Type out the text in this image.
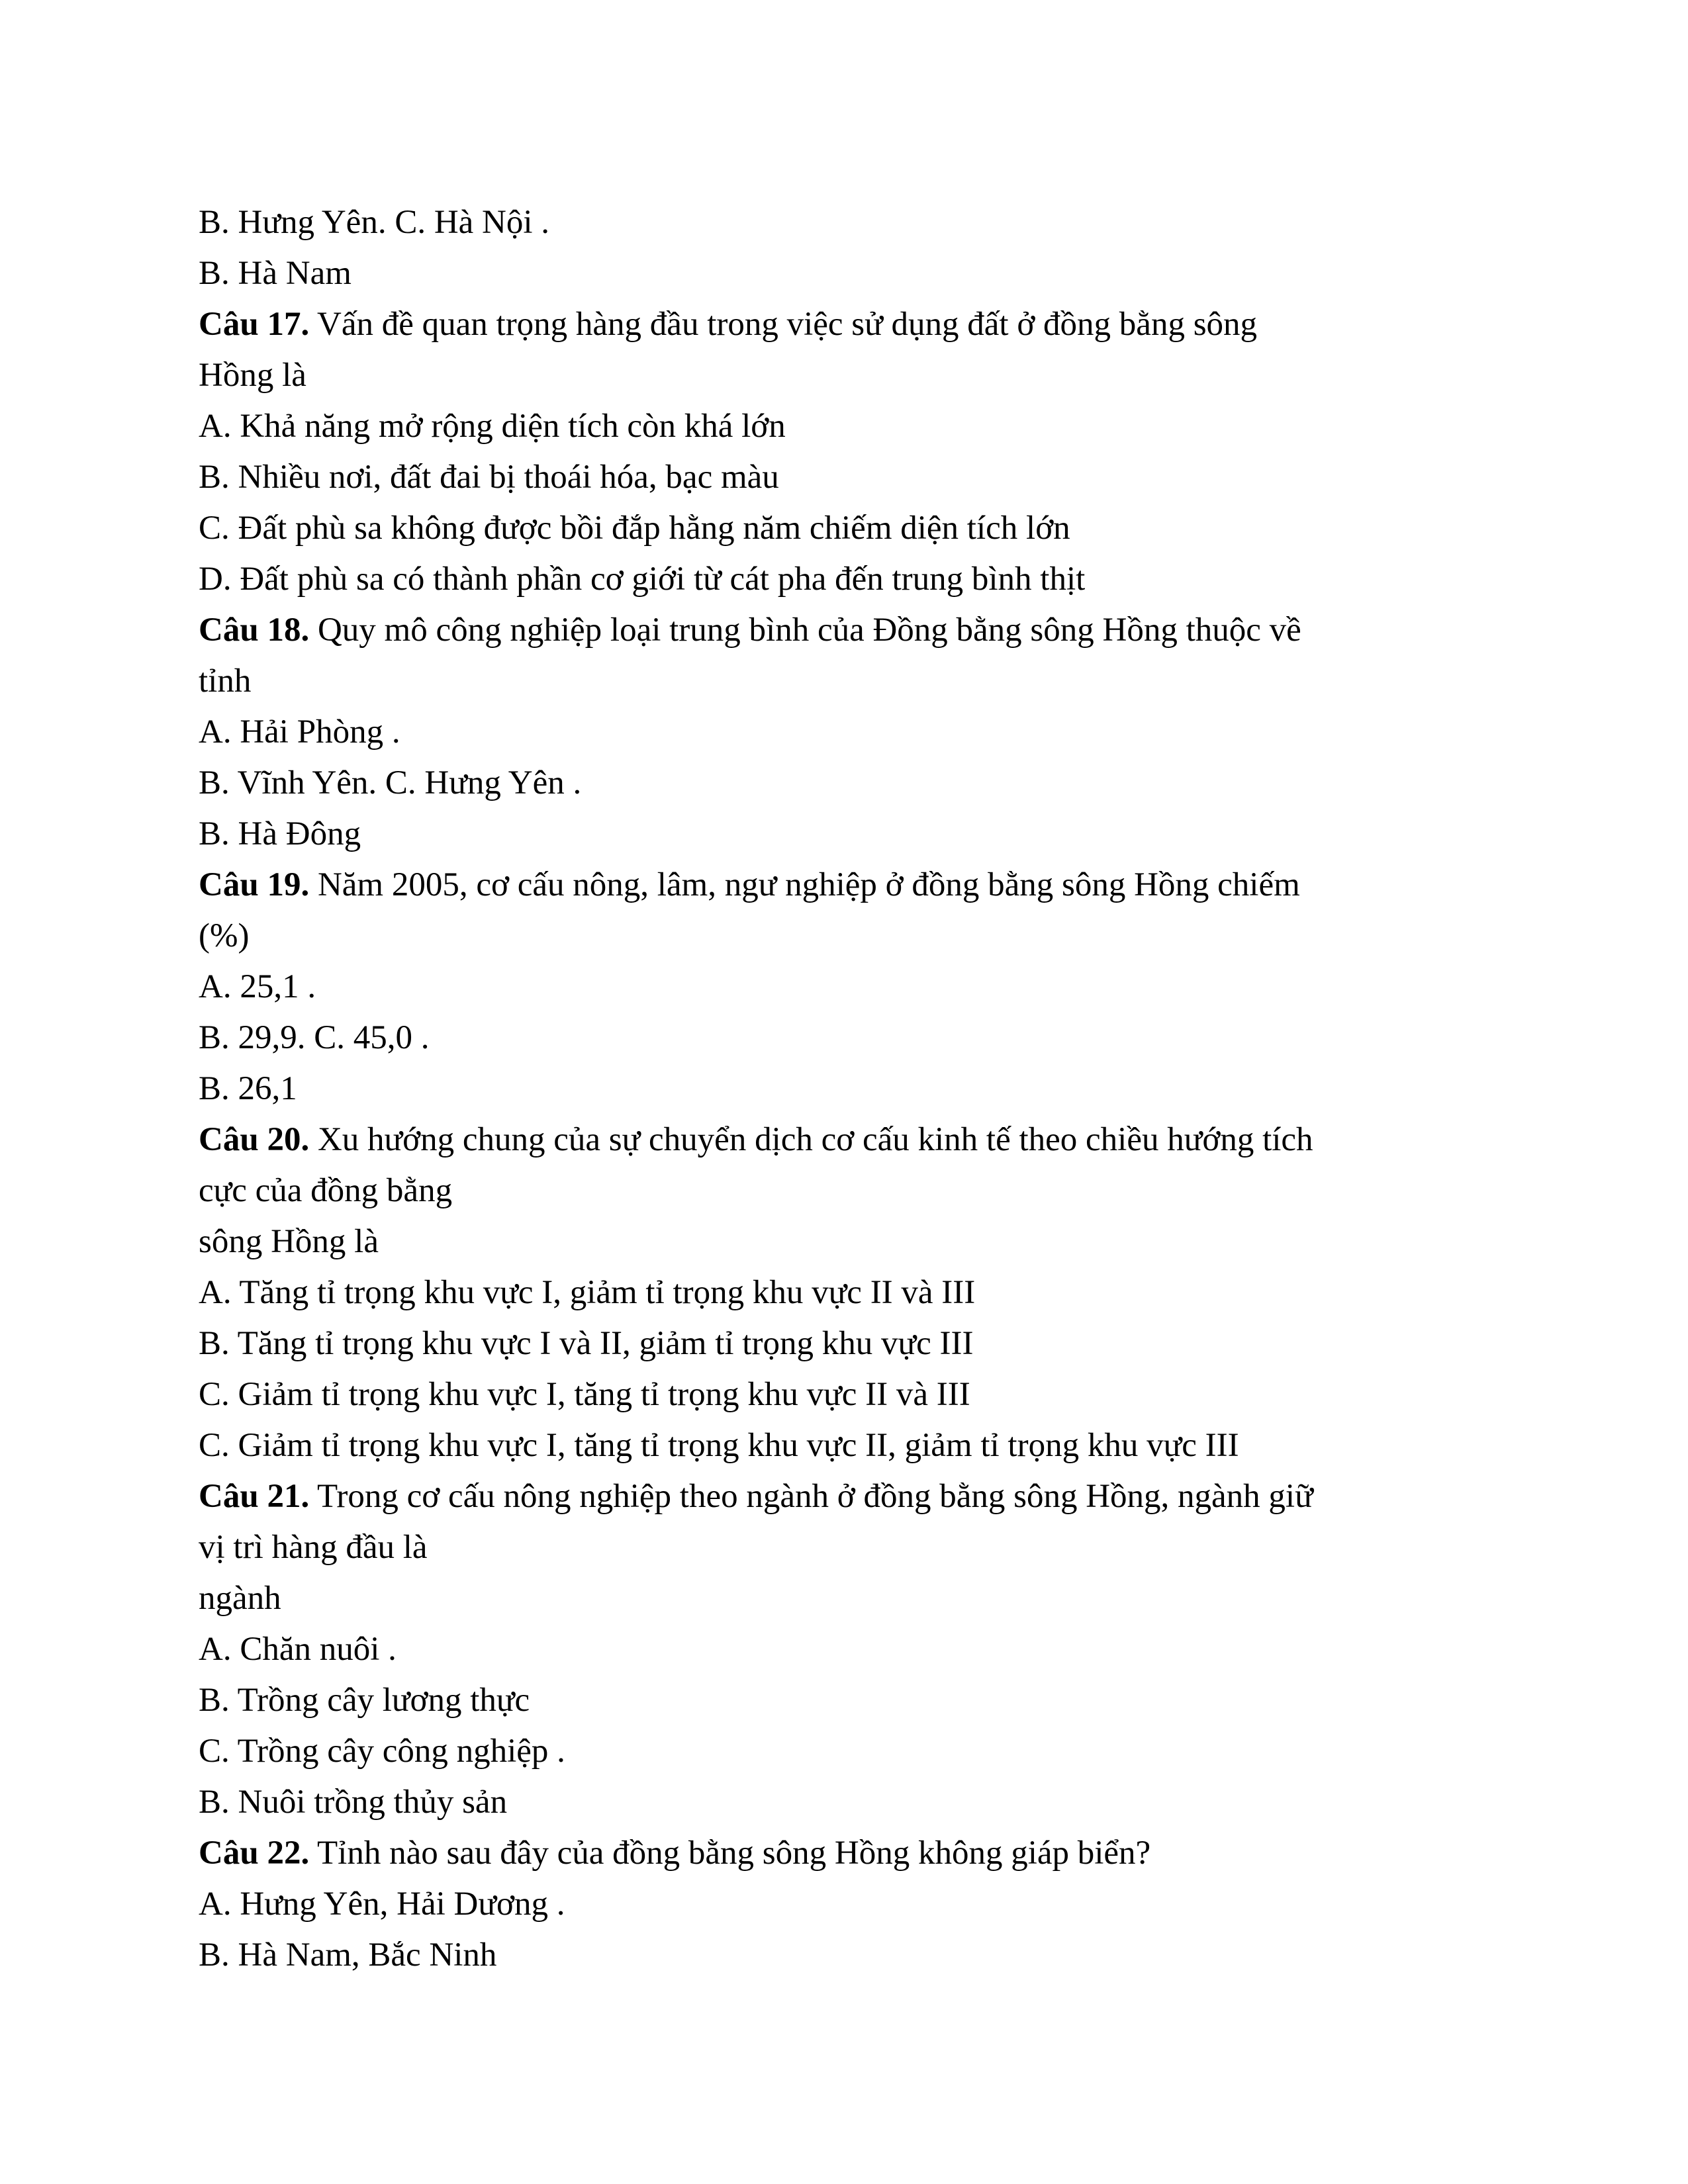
B. Hưng Yên. C. Hà Nội .
B. Hà Nam
Câu 17. Vấn đề quan trọng hàng đầu trong việc sử dụng đất ở đồng bằng sông
Hồng là
A. Khả năng mở rộng diện tích còn khá lớn
B. Nhiều nơi, đất đai bị thoái hóa, bạc màu
C. Đất phù sa không được bồi đắp hằng năm chiếm diện tích lớn
D. Đất phù sa có thành phần cơ giới từ cát pha đến trung bình thịt
Câu 18. Quy mô công nghiệp loại trung bình của Đồng bằng sông Hồng thuộc về
tỉnh
A. Hải Phòng .
B. Vĩnh Yên. C. Hưng Yên .
B. Hà Đông
Câu 19. Năm 2005, cơ cấu nông, lâm, ngư nghiệp ở đồng bằng sông Hồng chiếm
(%)
A. 25,1 .
B. 29,9. C. 45,0 .
B. 26,1
Câu 20. Xu hướng chung của sự chuyển dịch cơ cấu kinh tế theo chiều hướng tích
cực của đồng bằng
sông Hồng là
A. Tăng tỉ trọng khu vực I, giảm tỉ trọng khu vực II và III
B. Tăng tỉ trọng khu vực I và II, giảm tỉ trọng khu vực III
C. Giảm tỉ trọng khu vực I, tăng tỉ trọng khu vực II và III
C. Giảm tỉ trọng khu vực I, tăng tỉ trọng khu vực II, giảm tỉ trọng khu vực III
Câu 21. Trong cơ cấu nông nghiệp theo ngành ở đồng bằng sông Hồng, ngành giữ
vị trì hàng đầu là
ngành
A. Chăn nuôi .
B. Trồng cây lương thực
C. Trồng cây công nghiệp .
B. Nuôi trồng thủy sản
Câu 22. Tỉnh nào sau đây của đồng bằng sông Hồng không giáp biển?
A. Hưng Yên, Hải Dương .
B. Hà Nam, Bắc Ninh
